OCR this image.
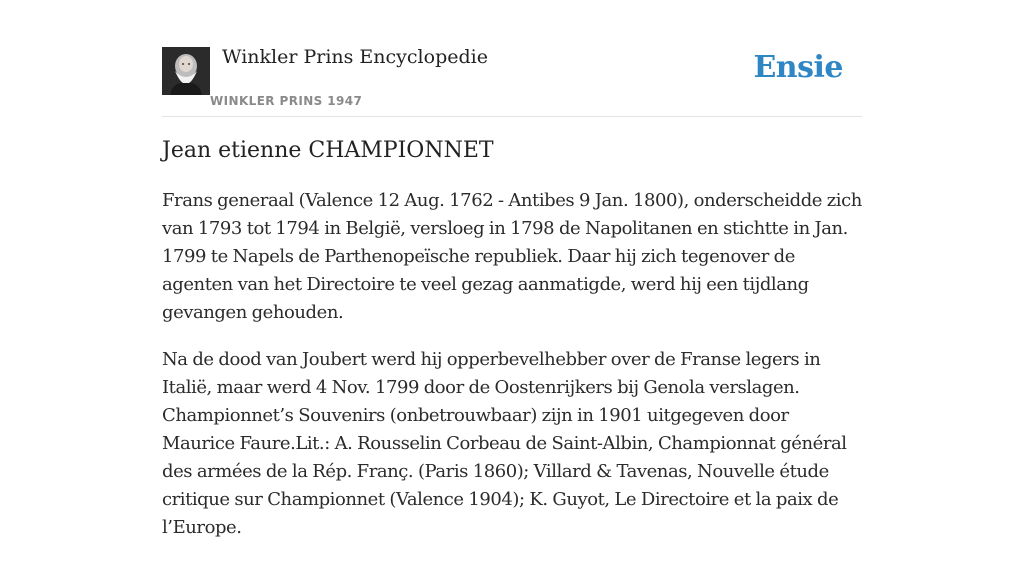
Winkler Prins Encyclopedie
WINKLER PRINS 1947
Ensie
Jean etienne CHAMPIONNET

Frans generaal (Valence 12 Aug. 1762 - Antibes 9 Jan. 1800), onderscheidde zich van 1793 tot 1794 in België, versloeg in 1798 de Napolitanen en stichtte in Jan. 1799 te Napels de Parthenopeïsche republiek. Daar hij zich tegenover de agenten van het Directoire te veel gezag aanmatigde, werd hij een tijdlang gevangen gehouden.

Na de dood van Joubert werd hij opperbevelhebber over de Franse legers in Italië, maar werd 4 Nov. 1799 door de Oostenrijkers bij Genola verslagen. Championnet’s Souvenirs (onbetrouwbaar) zijn in 1901 uitgegeven door Maurice Faure.Lit.: A. Rousselin Corbeau de Saint-Albin, Championnat général des armées de la Rép. Franç. (Paris 1860); Villard & Tavenas, Nouvelle étude critique sur Championnet (Valence 1904); K. Guyot, Le Directoire et la paix de l’Europe.
